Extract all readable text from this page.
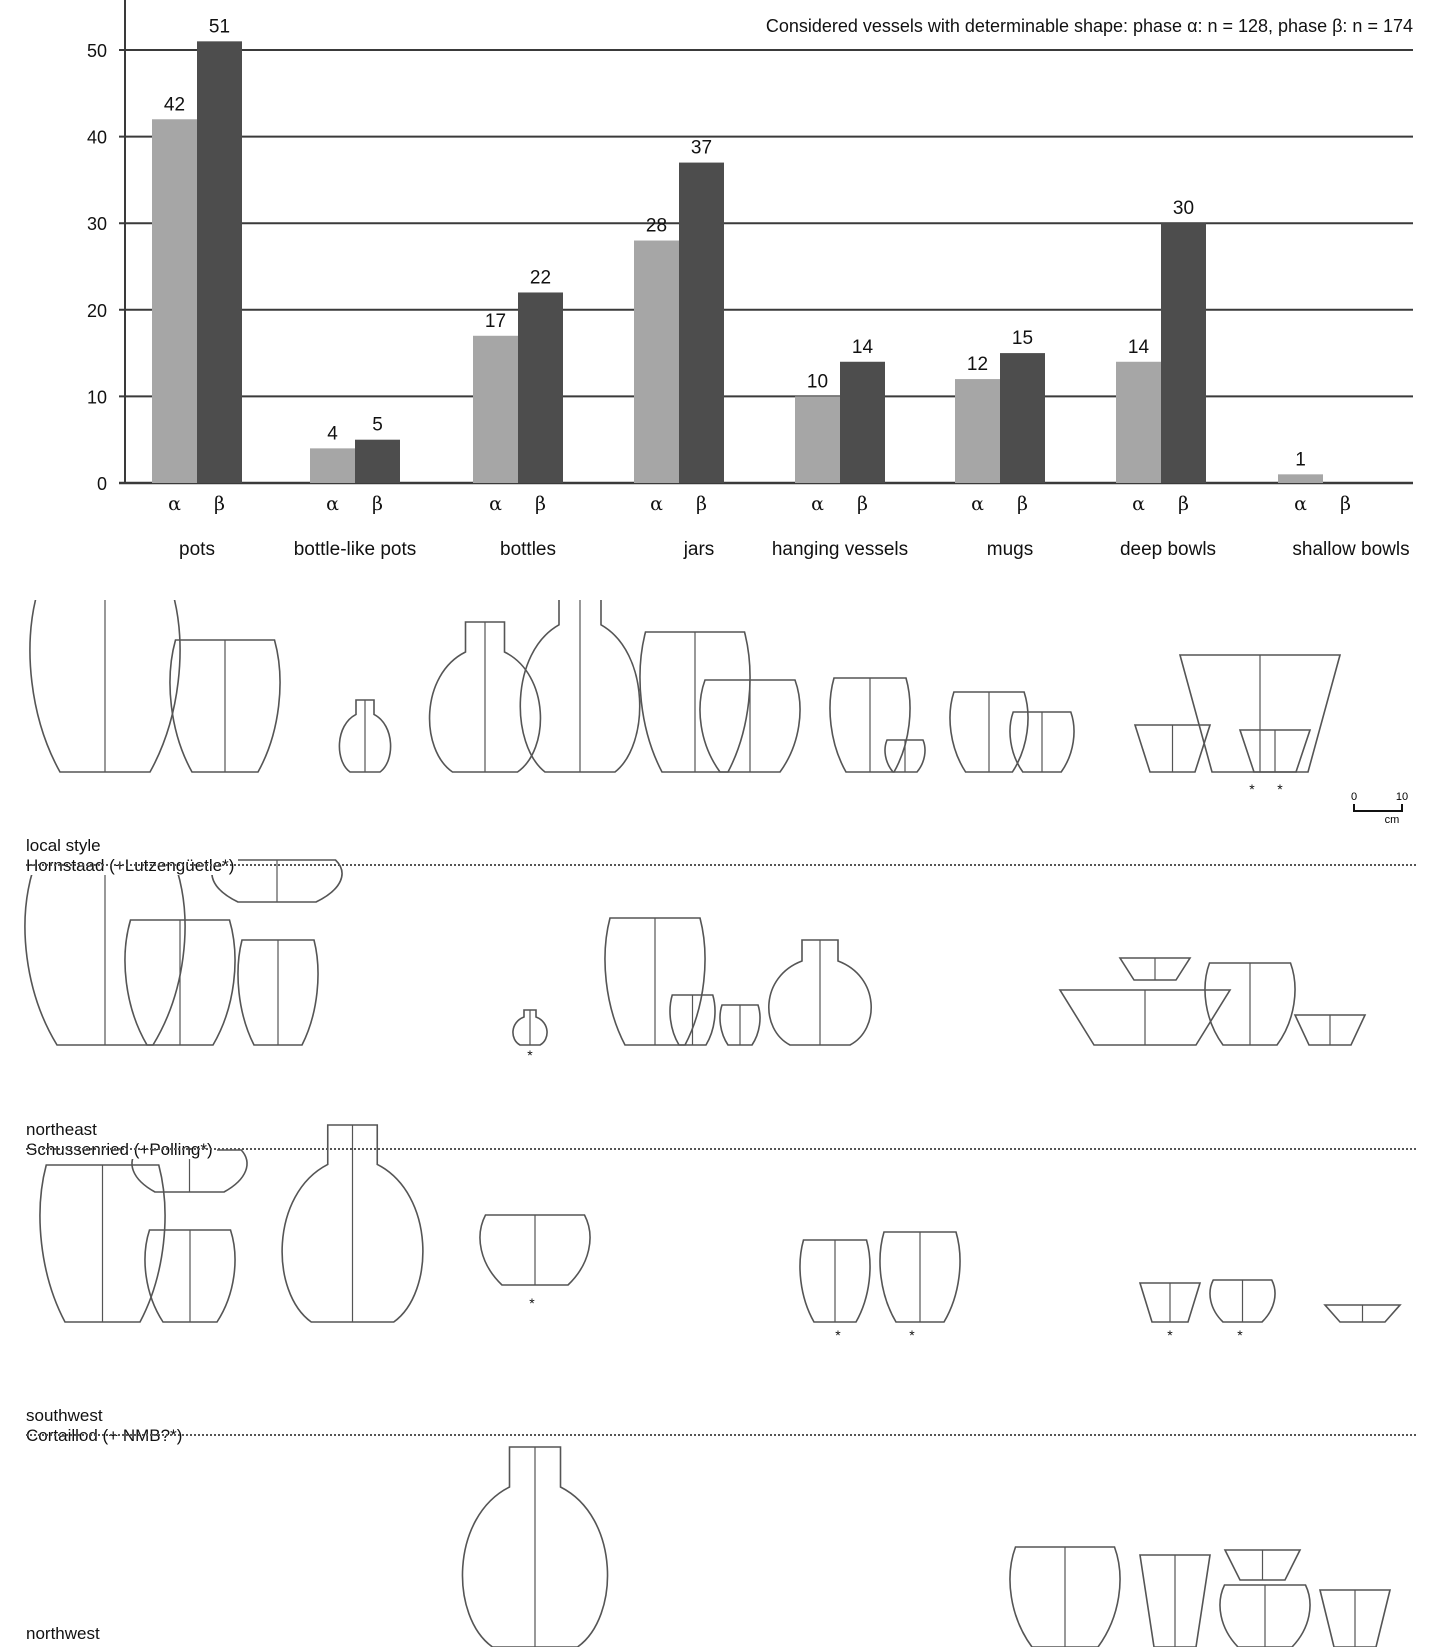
0
10
20
30
40
50
42
α
4
α
17
α
28
α
10
α
12
α
14
α
1
α
51
β
5
β
22
β
37
β
14
β
15
β
30
β	β
pots	bottle-like pots	bottles	jars	hanging vessels	mugs	deep bowls	shallow bowls
Considered vessels with determinable shape: phase α: n = 128, phase β: n = 174
* *
*
*
*	*	*	*
local style
Hornstaad (+Lutzengüetle*)
northeast
Schussenried (+Polling*)
southwest
Cortaillod (+ NMB?*)
northwest
0	10
cm
